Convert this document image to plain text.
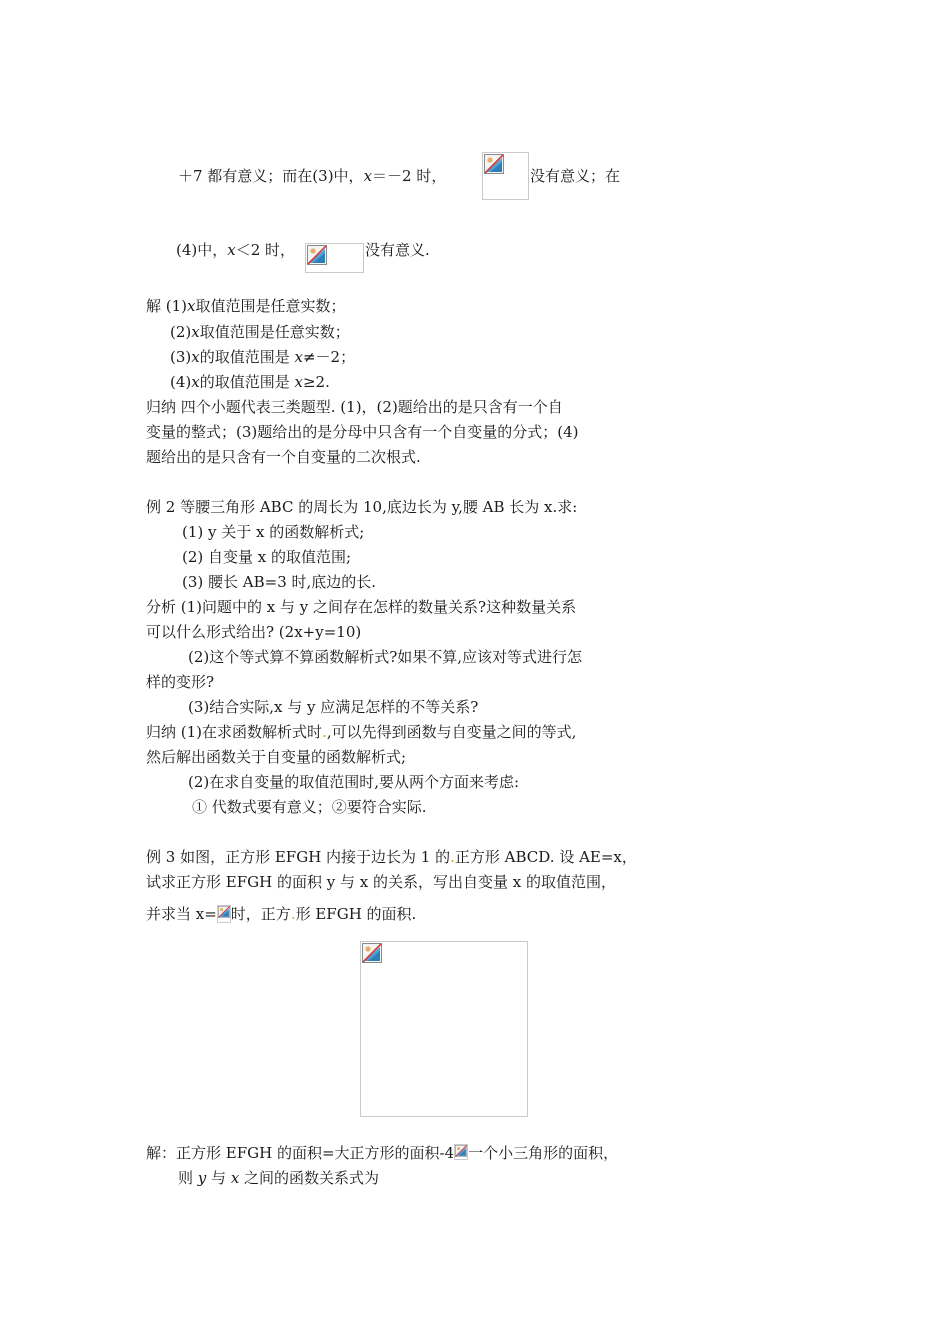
＋7 都有意义；而在(3)中，x＝－2 时，	没有意义；在
(4)中，x＜2 时，	没有意义.
解 (1)x取值范围是任意实数；
(2)x取值范围是任意实数；
(3)x的取值范围是 x≠－2；
(4)x的取值范围是 x≥2.
归纳 四个小题代表三类题型. (1)，(2)题给出的是只含有一个自
变量的整式；(3)题给出的是分母中只含有一个自变量的分式；(4)
题给出的是只含有一个自变量的二次根式.
例 2 等腰三角形 ABC 的周长为 10,底边长为 y,腰 AB 长为 x.求:
(1) y 关于 x 的函数解析式;
(2) 自变量 x 的取值范围;
(3) 腰长 AB=3 时,底边的长.
分析 (1)问题中的 x 与 y 之间存在怎样的数量关系?这种数量关系
可以什么形式给出? (2x+y=10)
(2)这个等式算不算函数解析式?如果不算,应该对等式进行怎
样的变形?
(3)结合实际,x 与 y 应满足怎样的不等关系?
归纳 (1)在求函数解析式时.,可以先得到函数与自变量之间的等式,
然后解出函数关于自变量的函数解析式;
(2)在求自变量的取值范围时,要从两个方面来考虑:
① 代数式要有意义；②要符合实际.
例 3 如图，正方形 EFGH 内接于边长为 1 的.正方形 ABCD. 设 AE=x，
试求正方形 EFGH 的面积 y 与 x 的关系，写出自变量 x 的取值范围，
并求当 x= 时，正方.形 EFGH 的面积.
解：正方形 EFGH 的面积=大正方形的面积-4 一个小三角形的面积，
则 y 与 x 之间的函数关系式为
